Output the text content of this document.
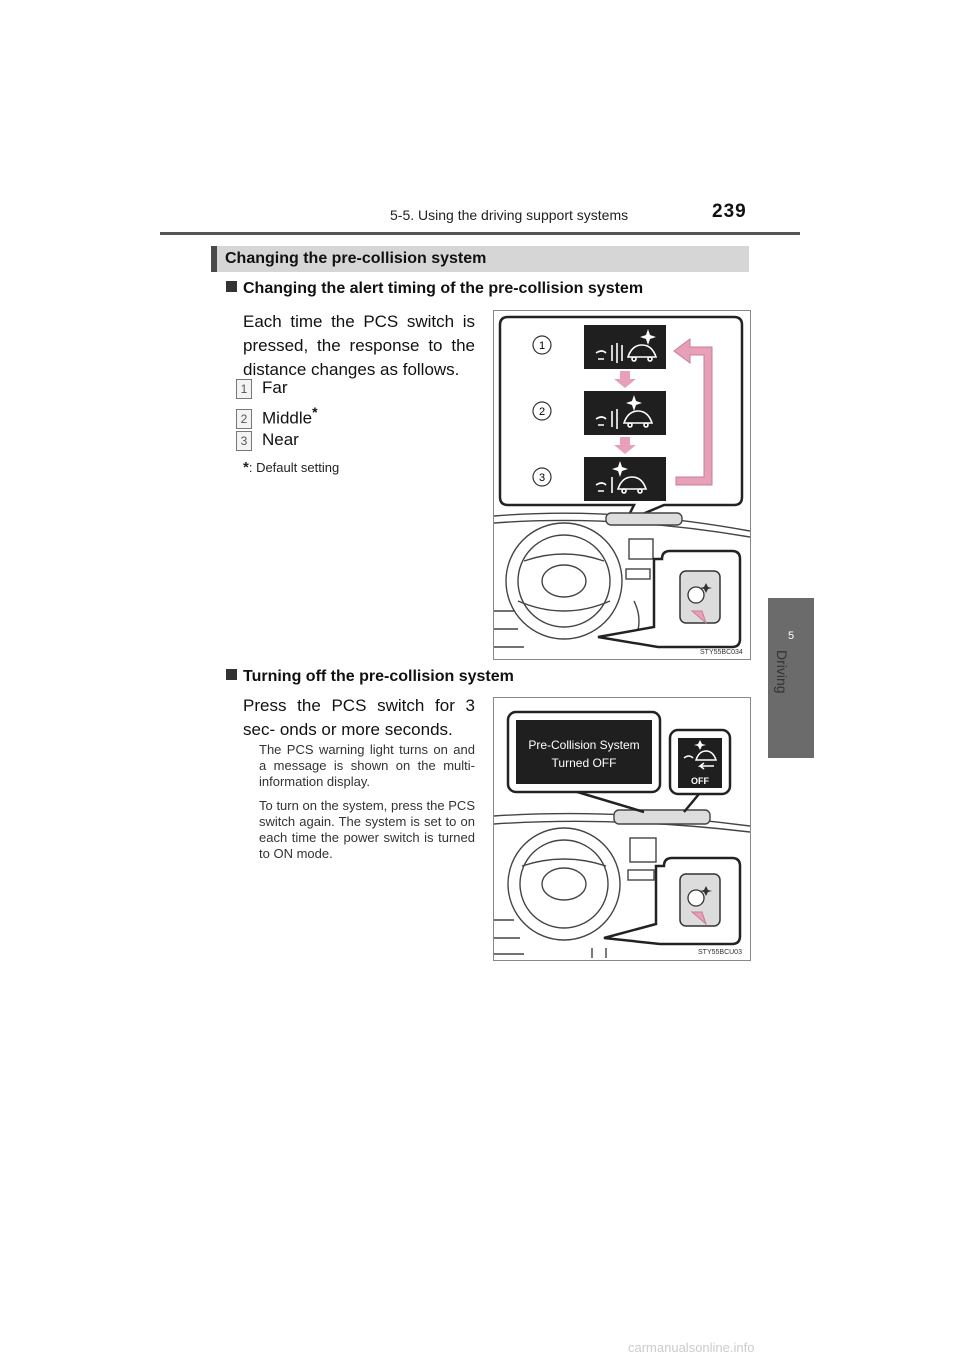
5-5. Using the driving support systems	239
5
Changing the pre-collision system
Changing the alert timing of the pre-collision system
Each time the PCS switch is pressed, the response to the distance changes as follows.
1 Far
2 Middle*
3 Near
*: Default setting
1
2
3
STY55BC034
Turning off the pre-collision system
Press the PCS switch for 3 sec- onds or more seconds.
The PCS warning light turns on and a message is shown on the multi-information display.
To turn on the system, press the PCS switch again. The system is set to on each time the power switch is turned to ON mode.
Pre-Collision System
Turned OFF
OFF
STY55BCU03
carmanualsonline.info
